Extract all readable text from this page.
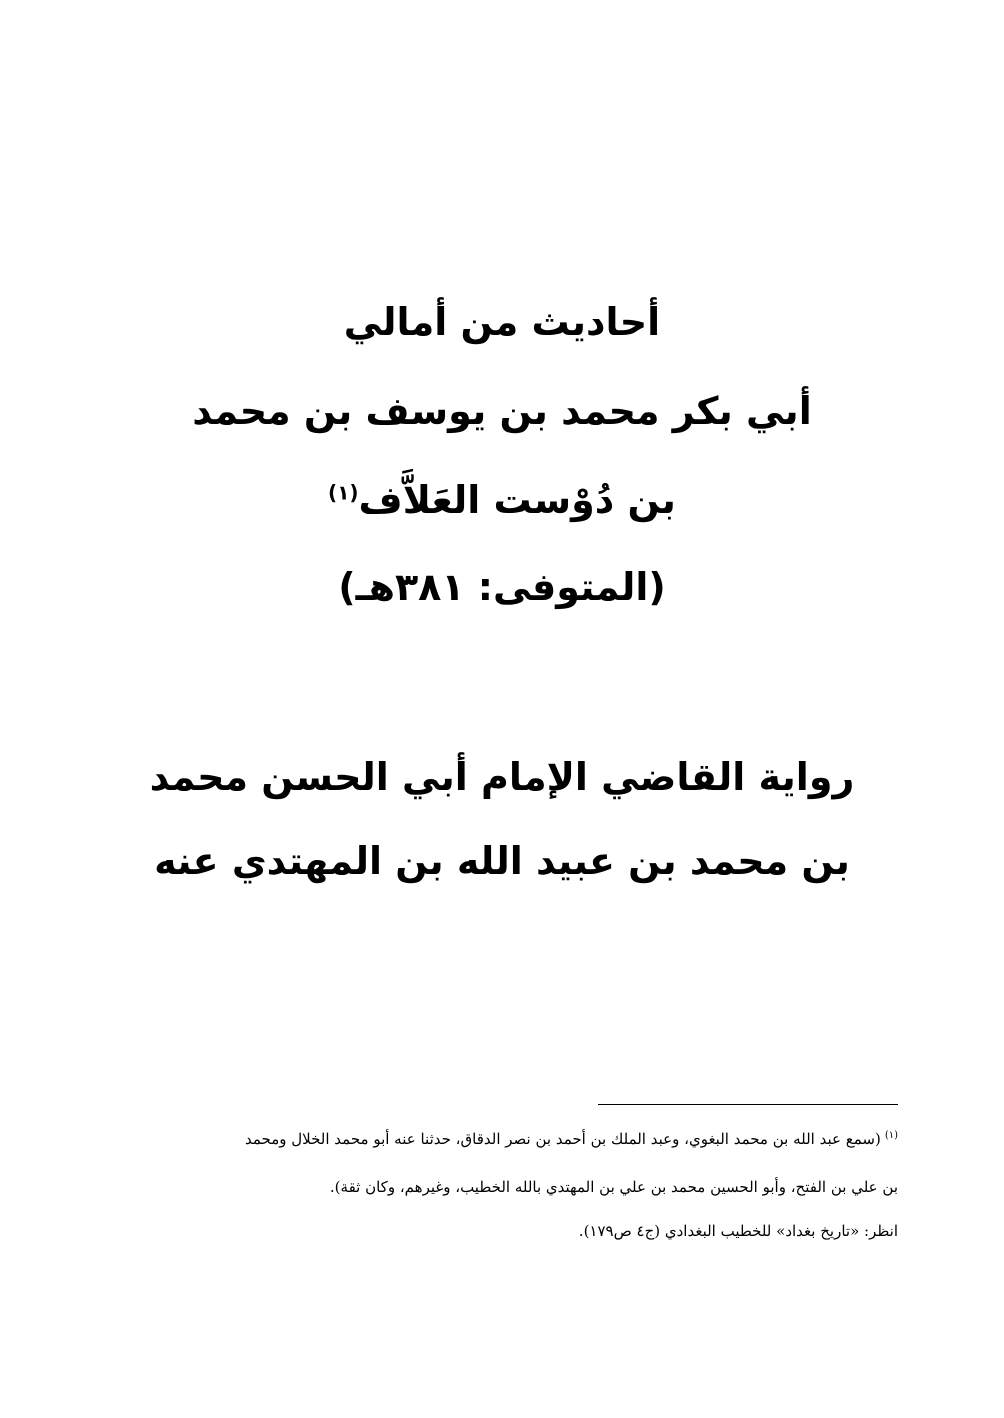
أحاديث من أمالي
أبي بكر محمد بن يوسف بن محمد
بن دُوْست العَلاَّف$^{(١)}$
(المتوفى: ٣٨١هـ)
رواية القاضي الإمام أبي الحسن محمد
بن محمد بن عبيد الله بن المهتدي عنه
$^{(١)}$(سمع عبد الله بن محمد البغوي، وعبد الملك بن أحمد بن نصر الدقاق، حدثنا عنه أبو محمد الخلال ومحمد
بن علي بن الفتح، وأبو الحسين محمد بن علي بن المهتدي بالله الخطيب، وغيرهم، وكان ثقة).
انظر: «تاريخ بغداد» للخطيب البغدادي (ج٤ ص١٧٩).
